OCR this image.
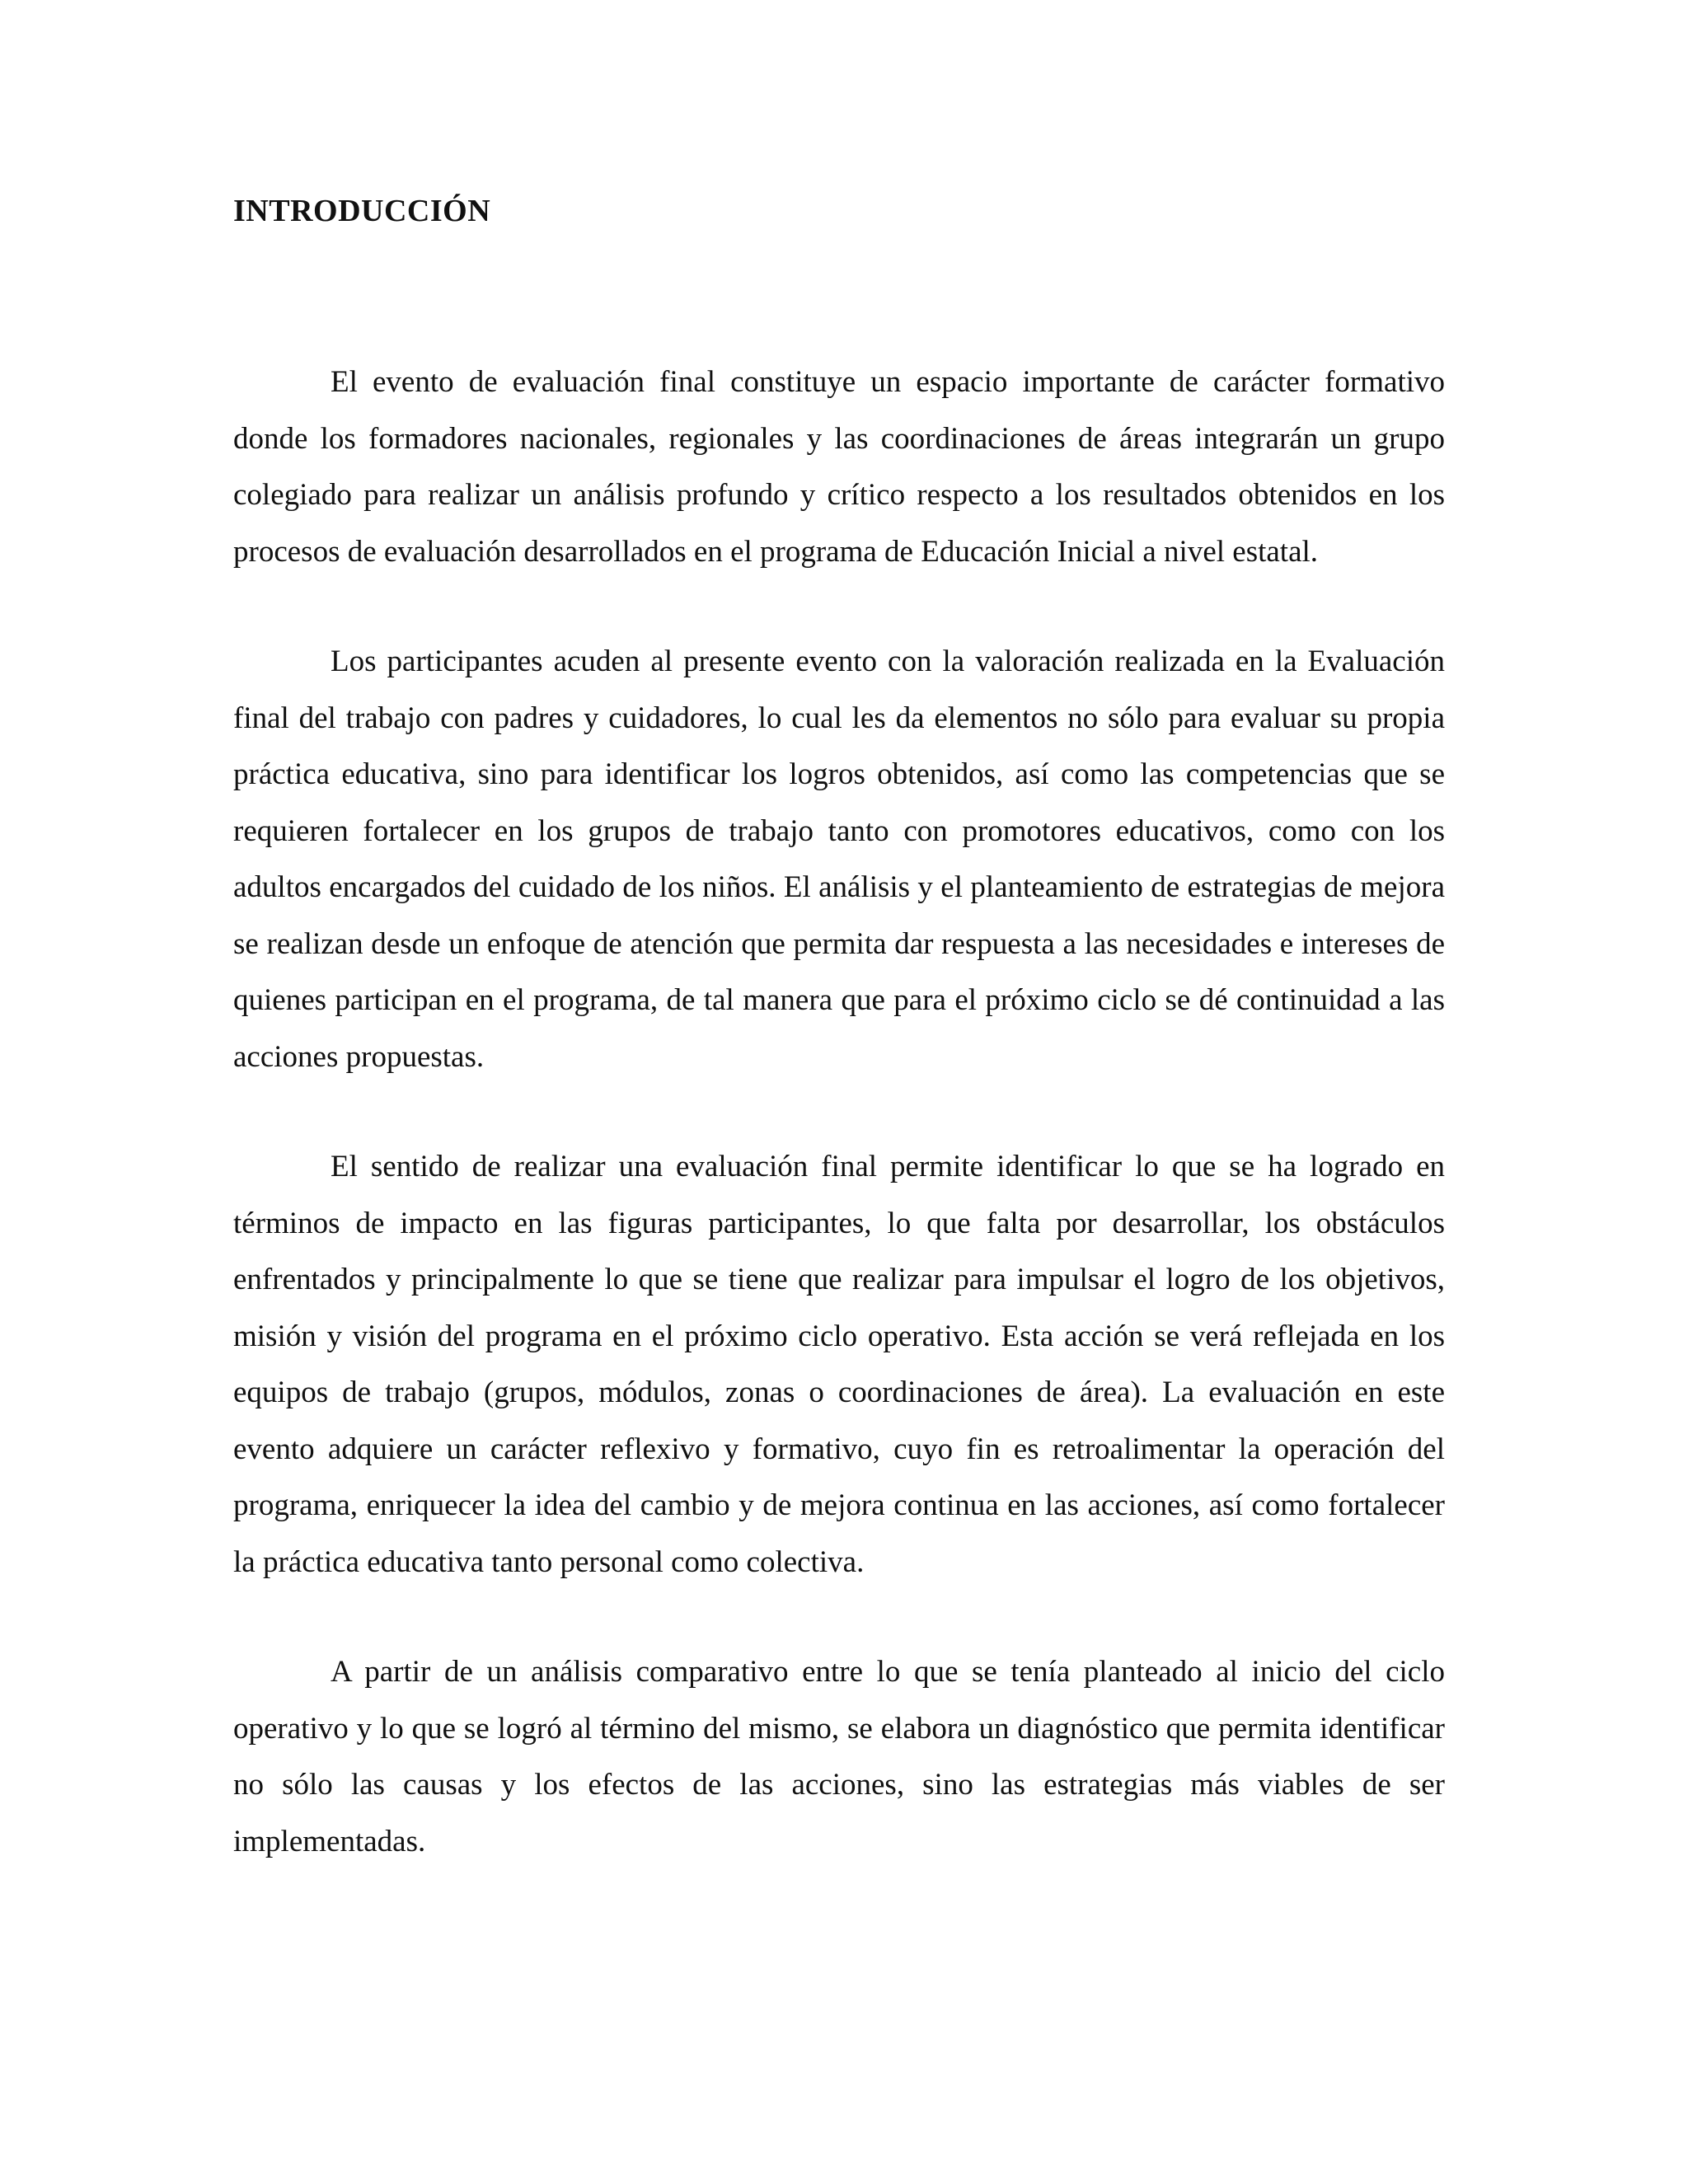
INTRODUCCIÓN

El evento de evaluación final constituye un espacio importante de carácter formativo donde los formadores nacionales, regionales y las coordinaciones de áreas integrarán un grupo colegiado para realizar un análisis profundo y crítico respecto a los resultados obtenidos en los procesos de evaluación desarrollados en el programa de Educación Inicial a nivel estatal.

Los participantes acuden al presente evento con la valoración realizada en la Evaluación final del trabajo con padres y cuidadores, lo cual les da elementos no sólo para evaluar su propia práctica educativa, sino para identificar los logros obtenidos, así como las competencias que se requieren fortalecer en los grupos de trabajo tanto con promotores educativos, como con los adultos encargados del cuidado de los niños. El análisis y el planteamiento de estrategias de mejora se realizan desde un enfoque de atención que permita dar respuesta a las necesidades e intereses de quienes participan en el programa, de tal manera que para el próximo ciclo se dé continuidad a las acciones propuestas.

El sentido de realizar una evaluación final permite identificar lo que se ha logrado en términos de impacto en las figuras participantes, lo que falta por desarrollar, los obstáculos enfrentados y principalmente lo que se tiene que realizar para impulsar el logro de los objetivos, misión y visión del programa en el próximo ciclo operativo. Esta acción se verá reflejada en los equipos de trabajo (grupos, módulos, zonas o coordinaciones de área). La evaluación en este evento adquiere un carácter reflexivo y formativo, cuyo fin es retroalimentar la operación del programa, enriquecer la idea del cambio y de mejora continua en las acciones, así como fortalecer la práctica educativa tanto personal como colectiva.

A partir de un análisis comparativo entre lo que se tenía planteado al inicio del ciclo operativo y lo que se logró al término del mismo, se elabora un diagnóstico que permita identificar no sólo las causas y los efectos de las acciones, sino las estrategias más viables de ser implementadas.
